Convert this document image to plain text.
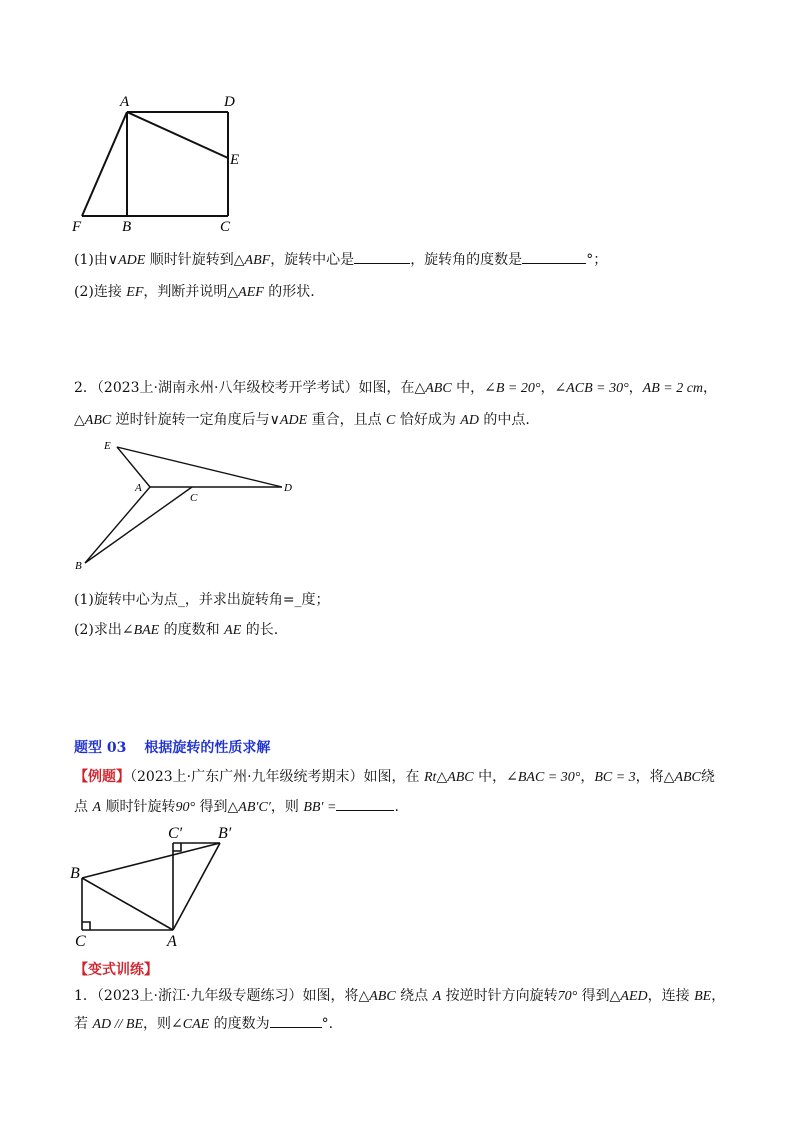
A	D
E
F	B	C
(1)由∨ADE 顺时针旋转到△ABF，旋转中心是	，旋转角的度数是	°；
(2)连接 EF，判断并说明△AEF 的形状.
2．（2023上·湖南永州·八年级校考开学考试）如图，在△ABC 中，∠B = 20°，∠ACB = 30°，AB = 2 cm，
△ABC 逆时针旋转一定角度后与∨ADE 重合，且点 C 恰好成为 AD 的中点.
E
A
C
D
B
(1)旋转中心为点_，并求出旋转角=_度；
(2)求出∠BAE 的度数和 AE 的长.
题型 03 根据旋转的性质求解
【例题】（2023上·广东广州·九年级统考期末）如图，在 Rt△ABC 中，∠BAC = 30°，BC = 3，将△ABC绕
点 A 顺时针旋转90° 得到△AB′C′，则 BB′ =	.
C′ B′
B
C	A
【变式训练】
1．（2023上·浙江·九年级专题练习）如图，将△ABC 绕点 A 按逆时针方向旋转70° 得到△AED，连接 BE，
若 AD // BE，则∠CAE 的度数为	°.
